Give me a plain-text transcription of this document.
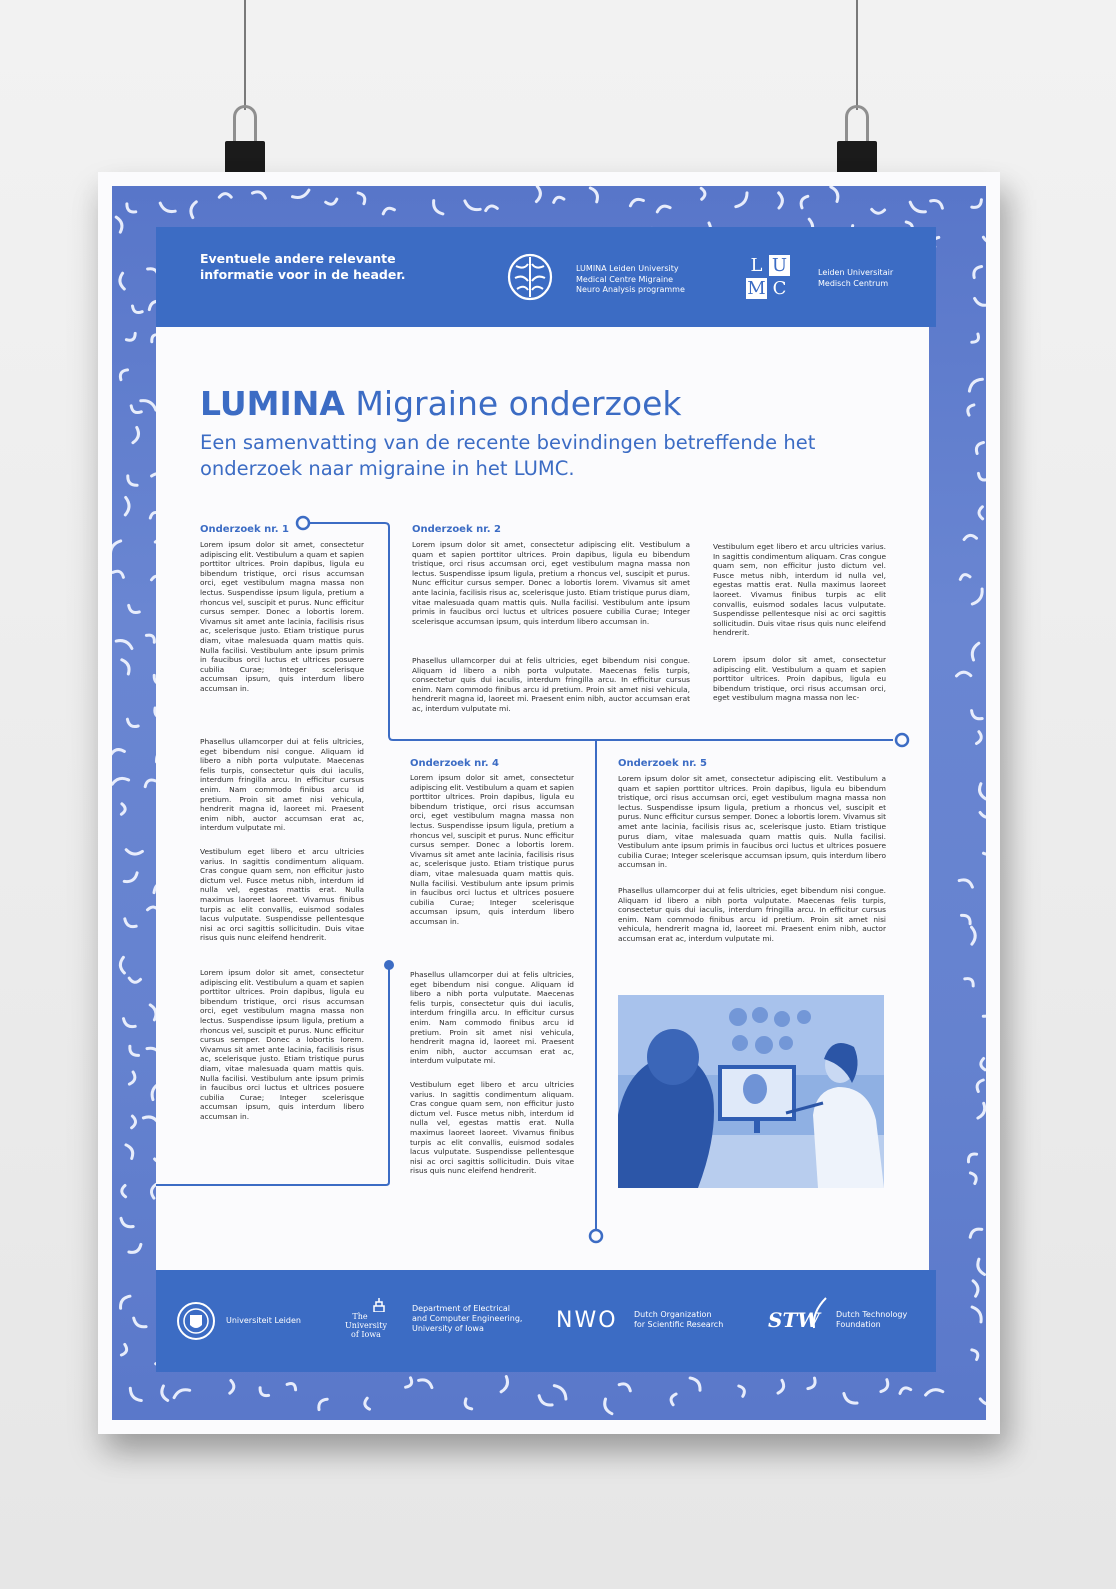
Eventuele andere relevante informatie voor in de header.	LUMINA Leiden University
Medical Centre Migraine
Neuro Analysis programme
L U
M C
Leiden Universitair
Medisch Centrum
LUMINA Migraine onderzoek
Een samenvatting van de recente bevindingen betreffende het onderzoek naar migraine in het LUMC.
Onderzoek nr. 1

Lorem ipsum dolor sit amet, consectetur adipiscing elit. Vestibulum a quam et sapien porttitor ultrices. Proin dapibus, ligula eu bibendum tristique, orci risus accumsan orci, eget vestibulum magna massa non lectus. Suspendisse ipsum ligula, pretium a rhoncus vel, suscipit et purus. Nunc efficitur cursus semper. Donec a lobortis lorem. Vivamus sit amet ante lacinia, facilisis risus ac, scelerisque justo. Etiam tristique purus diam, vitae malesuada quam mattis quis. Nulla facilisi. Vestibulum ante ipsum primis in faucibus orci luctus et ultrices posuere cubilia Curae; Integer scelerisque accumsan ipsum, quis interdum libero accumsan in.

Phasellus ullamcorper dui at felis ultricies, eget bibendum nisi congue. Aliquam id libero a nibh porta vulputate. Maecenas felis turpis, consectetur quis dui iaculis, interdum fringilla arcu. In efficitur cursus enim. Nam commodo finibus arcu id pretium. Proin sit amet nisi vehicula, hendrerit magna id, laoreet mi. Praesent enim nibh, auctor accumsan erat ac, interdum vulputate mi.

Vestibulum eget libero et arcu ultricies varius. In sagittis condimentum aliquam. Cras congue quam sem, non efficitur justo dictum vel. Fusce metus nibh, interdum id nulla vel, egestas mattis erat. Nulla maximus laoreet laoreet. Vivamus finibus turpis ac elit convallis, euismod sodales lacus vulputate. Suspendisse pellentesque nisi ac orci sagittis sollicitudin. Duis vitae risus quis nunc eleifend hendrerit.

Lorem ipsum dolor sit amet, consectetur adipiscing elit. Vestibulum a quam et sapien porttitor ultrices. Proin dapibus, ligula eu bibendum tristique, orci risus accumsan orci, eget vestibulum magna massa non lectus. Suspendisse ipsum ligula, pretium a rhoncus vel, suscipit et purus. Nunc efficitur cursus semper. Donec a lobortis lorem. Vivamus sit amet ante lacinia, facilisis risus ac, scelerisque justo. Etiam tristique purus diam, vitae malesuada quam mattis quis. Nulla facilisi. Vestibulum ante ipsum primis in faucibus orci luctus et ultrices posuere cubilia Curae; Integer scelerisque accumsan ipsum, quis interdum libero accumsan in.

Onderzoek nr. 2

Lorem ipsum dolor sit amet, consectetur adipiscing elit. Vestibulum a quam et sapien porttitor ultrices. Proin dapibus, ligula eu bibendum tristique, orci risus accumsan orci, eget vestibulum magna massa non lectus. Suspendisse ipsum ligula, pretium a rhoncus vel, suscipit et purus. Nunc efficitur cursus semper. Donec a lobortis lorem. Vivamus sit amet ante lacinia, facilisis risus ac, scelerisque justo. Etiam tristique purus diam, vitae malesuada quam mattis quis. Nulla facilisi. Vestibulum ante ipsum primis in faucibus orci luctus et ultrices posuere cubilia Curae; Integer scelerisque accumsan ipsum, quis interdum libero accumsan in.

Phasellus ullamcorper dui at felis ultricies, eget bibendum nisi congue. Aliquam id libero a nibh porta vulputate. Maecenas felis turpis, consectetur quis dui iaculis, interdum fringilla arcu. In efficitur cursus enim. Nam commodo finibus arcu id pretium. Proin sit amet nisi vehicula, hendrerit magna id, laoreet mi. Praesent enim nibh, auctor accumsan erat ac, interdum vulputate mi.

Vestibulum eget libero et arcu ultricies varius. In sagittis condimentum aliquam. Cras congue quam sem, non efficitur justo dictum vel. Fusce metus nibh, interdum id nulla vel, egestas mattis erat. Nulla maximus laoreet laoreet. Vivamus finibus turpis ac elit convallis, euismod sodales lacus vulputate. Suspendisse pellentesque nisi ac orci sagittis sollicitudin. Duis vitae risus quis nunc eleifend hendrerit.

Lorem ipsum dolor sit amet, consectetur adipiscing elit. Vestibulum a quam et sapien porttitor ultrices. Proin dapibus, ligula eu bibendum tristique, orci risus accumsan orci, eget vestibulum magna massa non lec-

Onderzoek nr. 4

Lorem ipsum dolor sit amet, consectetur adipiscing elit. Vestibulum a quam et sapien porttitor ultrices. Proin dapibus, ligula eu bibendum tristique, orci risus accumsan orci, eget vestibulum magna massa non lectus. Suspendisse ipsum ligula, pretium a rhoncus vel, suscipit et purus. Nunc efficitur cursus semper. Donec a lobortis lorem. Vivamus sit amet ante lacinia, facilisis risus ac, scelerisque justo. Etiam tristique purus diam, vitae malesuada quam mattis quis. Nulla facilisi. Vestibulum ante ipsum primis in faucibus orci luctus et ultrices posuere cubilia Curae; Integer scelerisque accumsan ipsum, quis interdum libero accumsan in.

Phasellus ullamcorper dui at felis ultricies, eget bibendum nisi congue. Aliquam id libero a nibh porta vulputate. Maecenas felis turpis, consectetur quis dui iaculis, interdum fringilla arcu. In efficitur cursus enim. Nam commodo finibus arcu id pretium. Proin sit amet nisi vehicula, hendrerit magna id, laoreet mi. Praesent enim nibh, auctor accumsan erat ac, interdum vulputate mi.

Vestibulum eget libero et arcu ultricies varius. In sagittis condimentum aliquam. Cras congue quam sem, non efficitur justo dictum vel. Fusce metus nibh, interdum id nulla vel, egestas mattis erat. Nulla maximus laoreet laoreet. Vivamus finibus turpis ac elit convallis, euismod sodales lacus vulputate. Suspendisse pellentesque nisi ac orci sagittis sollicitudin. Duis vitae risus quis nunc eleifend hendrerit.

Onderzoek nr. 5

Lorem ipsum dolor sit amet, consectetur adipiscing elit. Vestibulum a quam et sapien porttitor ultrices. Proin dapibus, ligula eu bibendum tristique, orci risus accumsan orci, eget vestibulum magna massa non lectus. Suspendisse ipsum ligula, pretium a rhoncus vel, suscipit et purus. Nunc efficitur cursus semper. Donec a lobortis lorem. Vivamus sit amet ante lacinia, facilisis risus ac, scelerisque justo. Etiam tristique purus diam, vitae malesuada quam mattis quis. Nulla facilisi. Vestibulum ante ipsum primis in faucibus orci luctus et ultrices posuere cubilia Curae; Integer scelerisque accumsan ipsum, quis interdum libero accumsan in.

Phasellus ullamcorper dui at felis ultricies, eget bibendum nisi congue. Aliquam id libero a nibh porta vulputate. Maecenas felis turpis, consectetur quis dui iaculis, interdum fringilla arcu. In efficitur cursus enim. Nam commodo finibus arcu id pretium. Proin sit amet nisi vehicula, hendrerit magna id, laoreet mi. Praesent enim nibh, auctor accumsan erat ac, interdum vulputate mi.

Universiteit Leiden	The
University
of Iowa
Department of Electrical
and Computer Engineering,
University of Iowa	NWO Dutch Organization
for Scientific Research STW Dutch Technology
Foundation
